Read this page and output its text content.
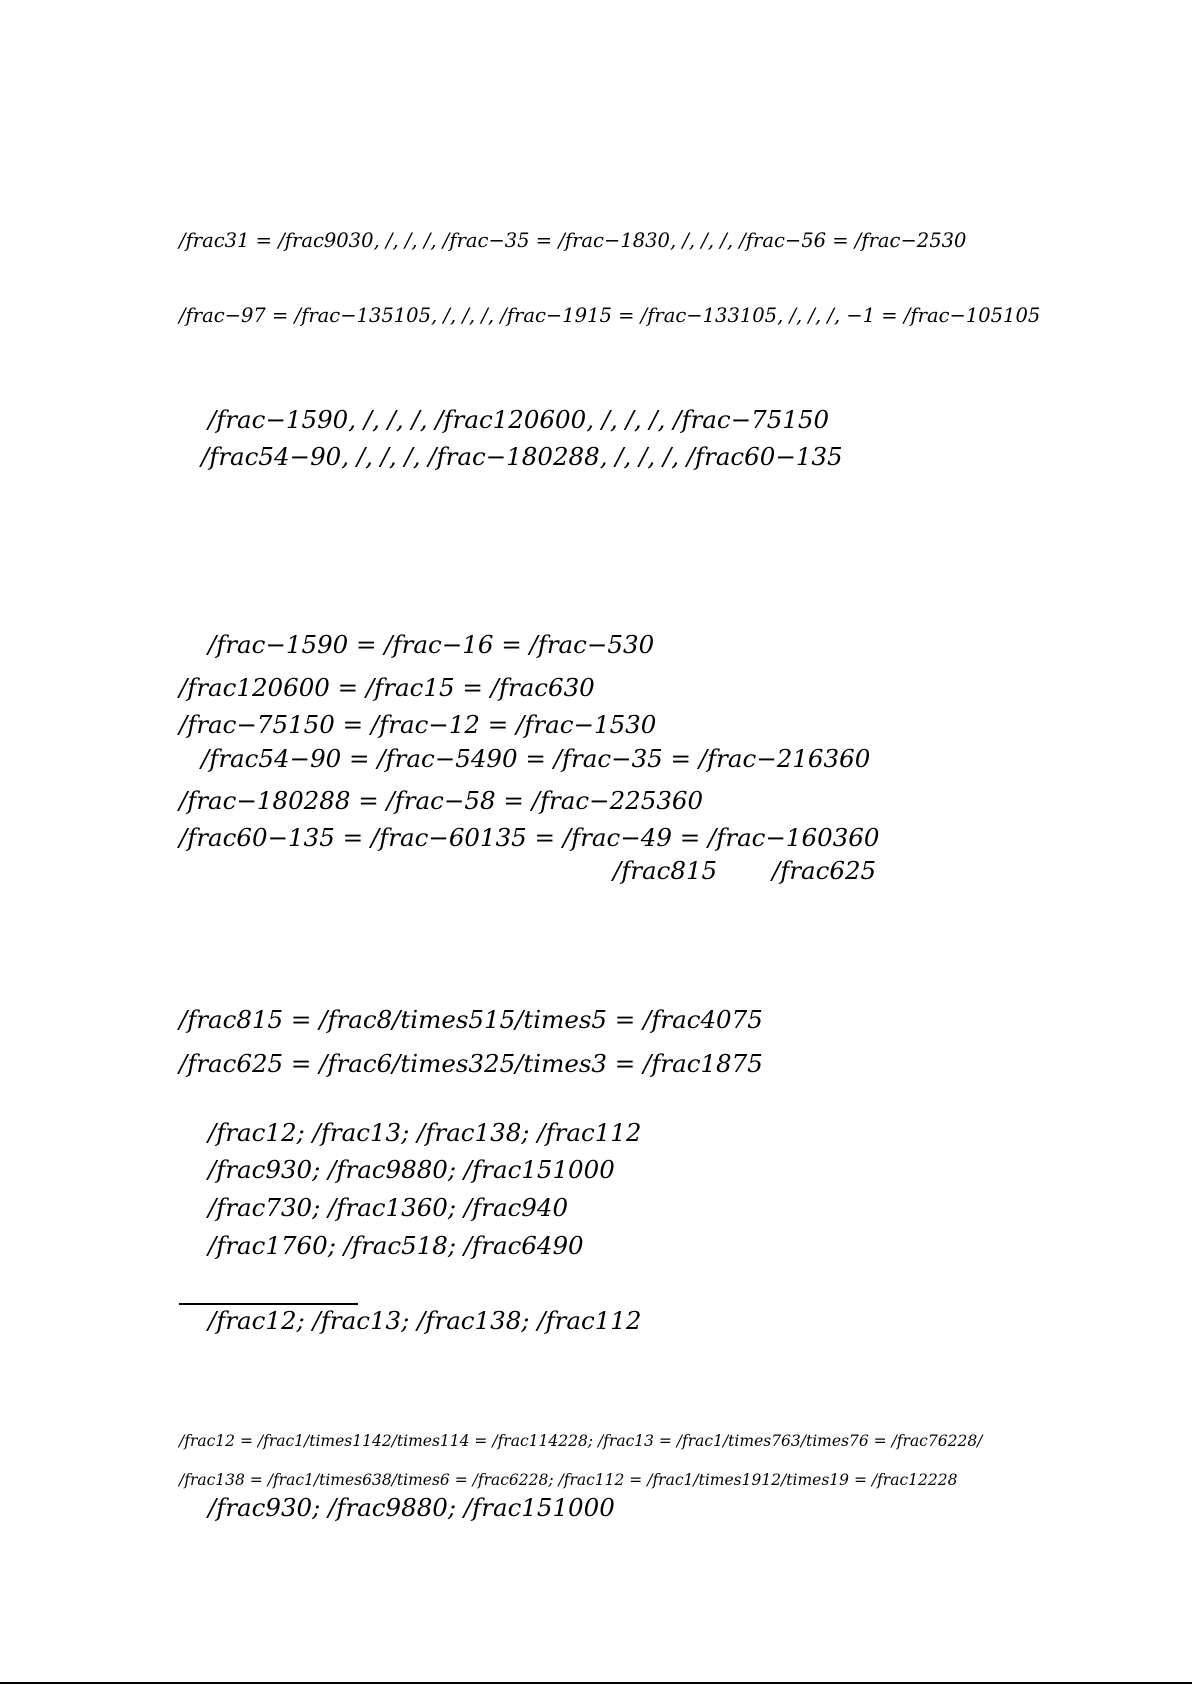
/frac31 = /frac9030, /, /, /, /frac−35 = /frac−1830, /, /, /, /frac−56 = /frac−2530
/frac−97 = /frac−135105, /, /, /, /frac−1915 = /frac−133105, /, /, /, −1 = /frac−105105
/frac−1590, /, /, /, /frac120600, /, /, /, /frac−75150
/frac54−90, /, /, /, /frac−180288, /, /, /, /frac60−135
/frac−1590 = /frac−16 = /frac−530
/frac120600 = /frac15 = /frac630
/frac−75150 = /frac−12 = /frac−1530
/frac54−90 = /frac−5490 = /frac−35 = /frac−216360
/frac−180288 = /frac−58 = /frac−225360
/frac60−135 = /frac−60135 = /frac−49 = /frac−160360
/frac815 /frac625
/frac815 = /frac8/times515/times5 = /frac4075
/frac625 = /frac6/times325/times3 = /frac1875
/frac12; /frac13; /frac138; /frac112
/frac930; /frac9880; /frac151000
/frac730; /frac1360; /frac940
/frac1760; /frac518; /frac6490
/frac12; /frac13; /frac138; /frac112
/frac12 = /frac1/times1142/times114 = /frac114228; /frac13 = /frac1/times763/times76 = /frac76228/
/frac138 = /frac1/times638/times6 = /frac6228; /frac112 = /frac1/times1912/times19 = /frac12228
/frac930; /frac9880; /frac151000
